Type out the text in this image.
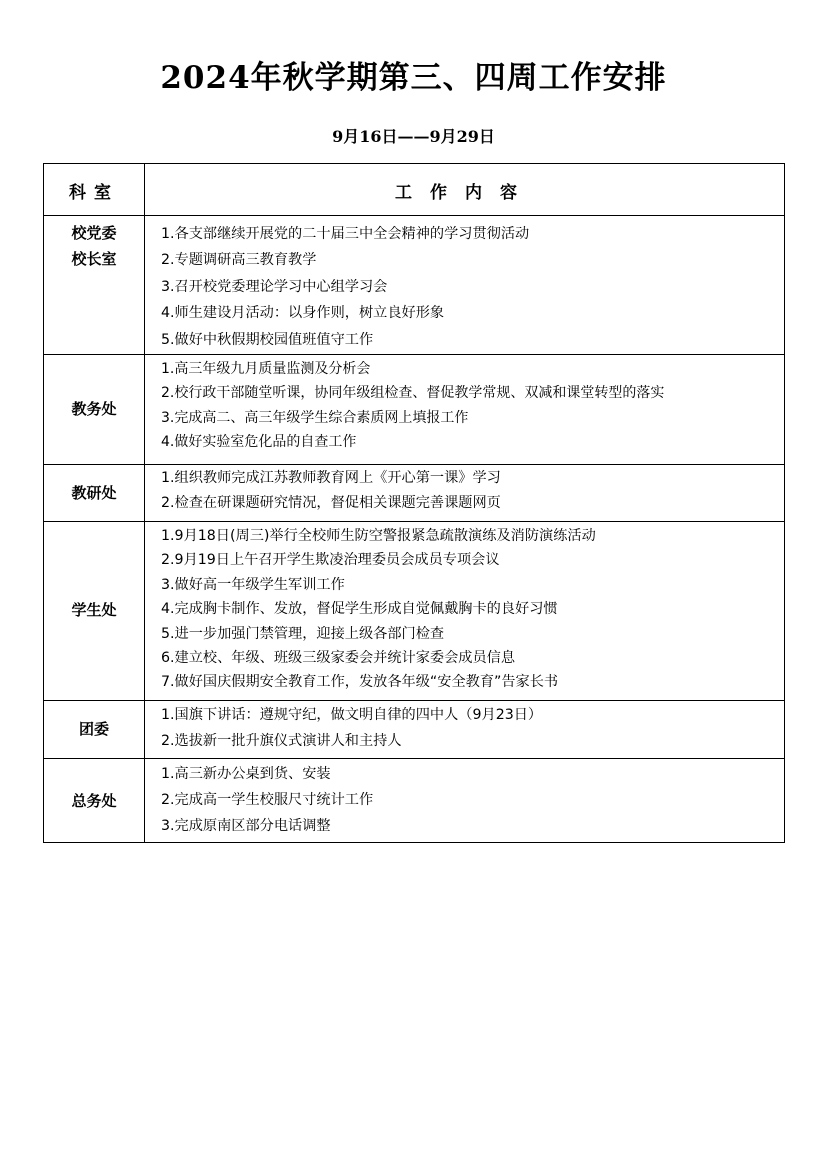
2024年秋学期第三、四周工作安排
9月16日——9月29日
科室	工作内容
校党委
校长室
1.各支部继续开展党的二十届三中全会精神的学习贯彻活动
2.专题调研高三教育教学
3.召开校党委理论学习中心组学习会
4.师生建设月活动：以身作则，树立良好形象
5.做好中秋假期校园值班值守工作
教务处
1.高三年级九月质量监测及分析会
2.校行政干部随堂听课，协同年级组检查、督促教学常规、双减和课堂转型的落实
3.完成高二、高三年级学生综合素质网上填报工作
4.做好实验室危化品的自查工作
教研处
1.组织教师完成江苏教师教育网上《开心第一课》学习
2.检查在研课题研究情况，督促相关课题完善课题网页
学生处
1.9月18日(周三)举行全校师生防空警报紧急疏散演练及消防演练活动
2.9月19日上午召开学生欺凌治理委员会成员专项会议
3.做好高一年级学生军训工作
4.完成胸卡制作、发放，督促学生形成自觉佩戴胸卡的良好习惯
5.进一步加强门禁管理，迎接上级各部门检查
6.建立校、年级、班级三级家委会并统计家委会成员信息
7.做好国庆假期安全教育工作，发放各年级“安全教育”告家长书
团委
1.国旗下讲话：遵规守纪，做文明自律的四中人（9月23日）
2.选拔新一批升旗仪式演讲人和主持人
总务处
1.高三新办公桌到货、安装
2.完成高一学生校服尺寸统计工作
3.完成原南区部分电话调整
